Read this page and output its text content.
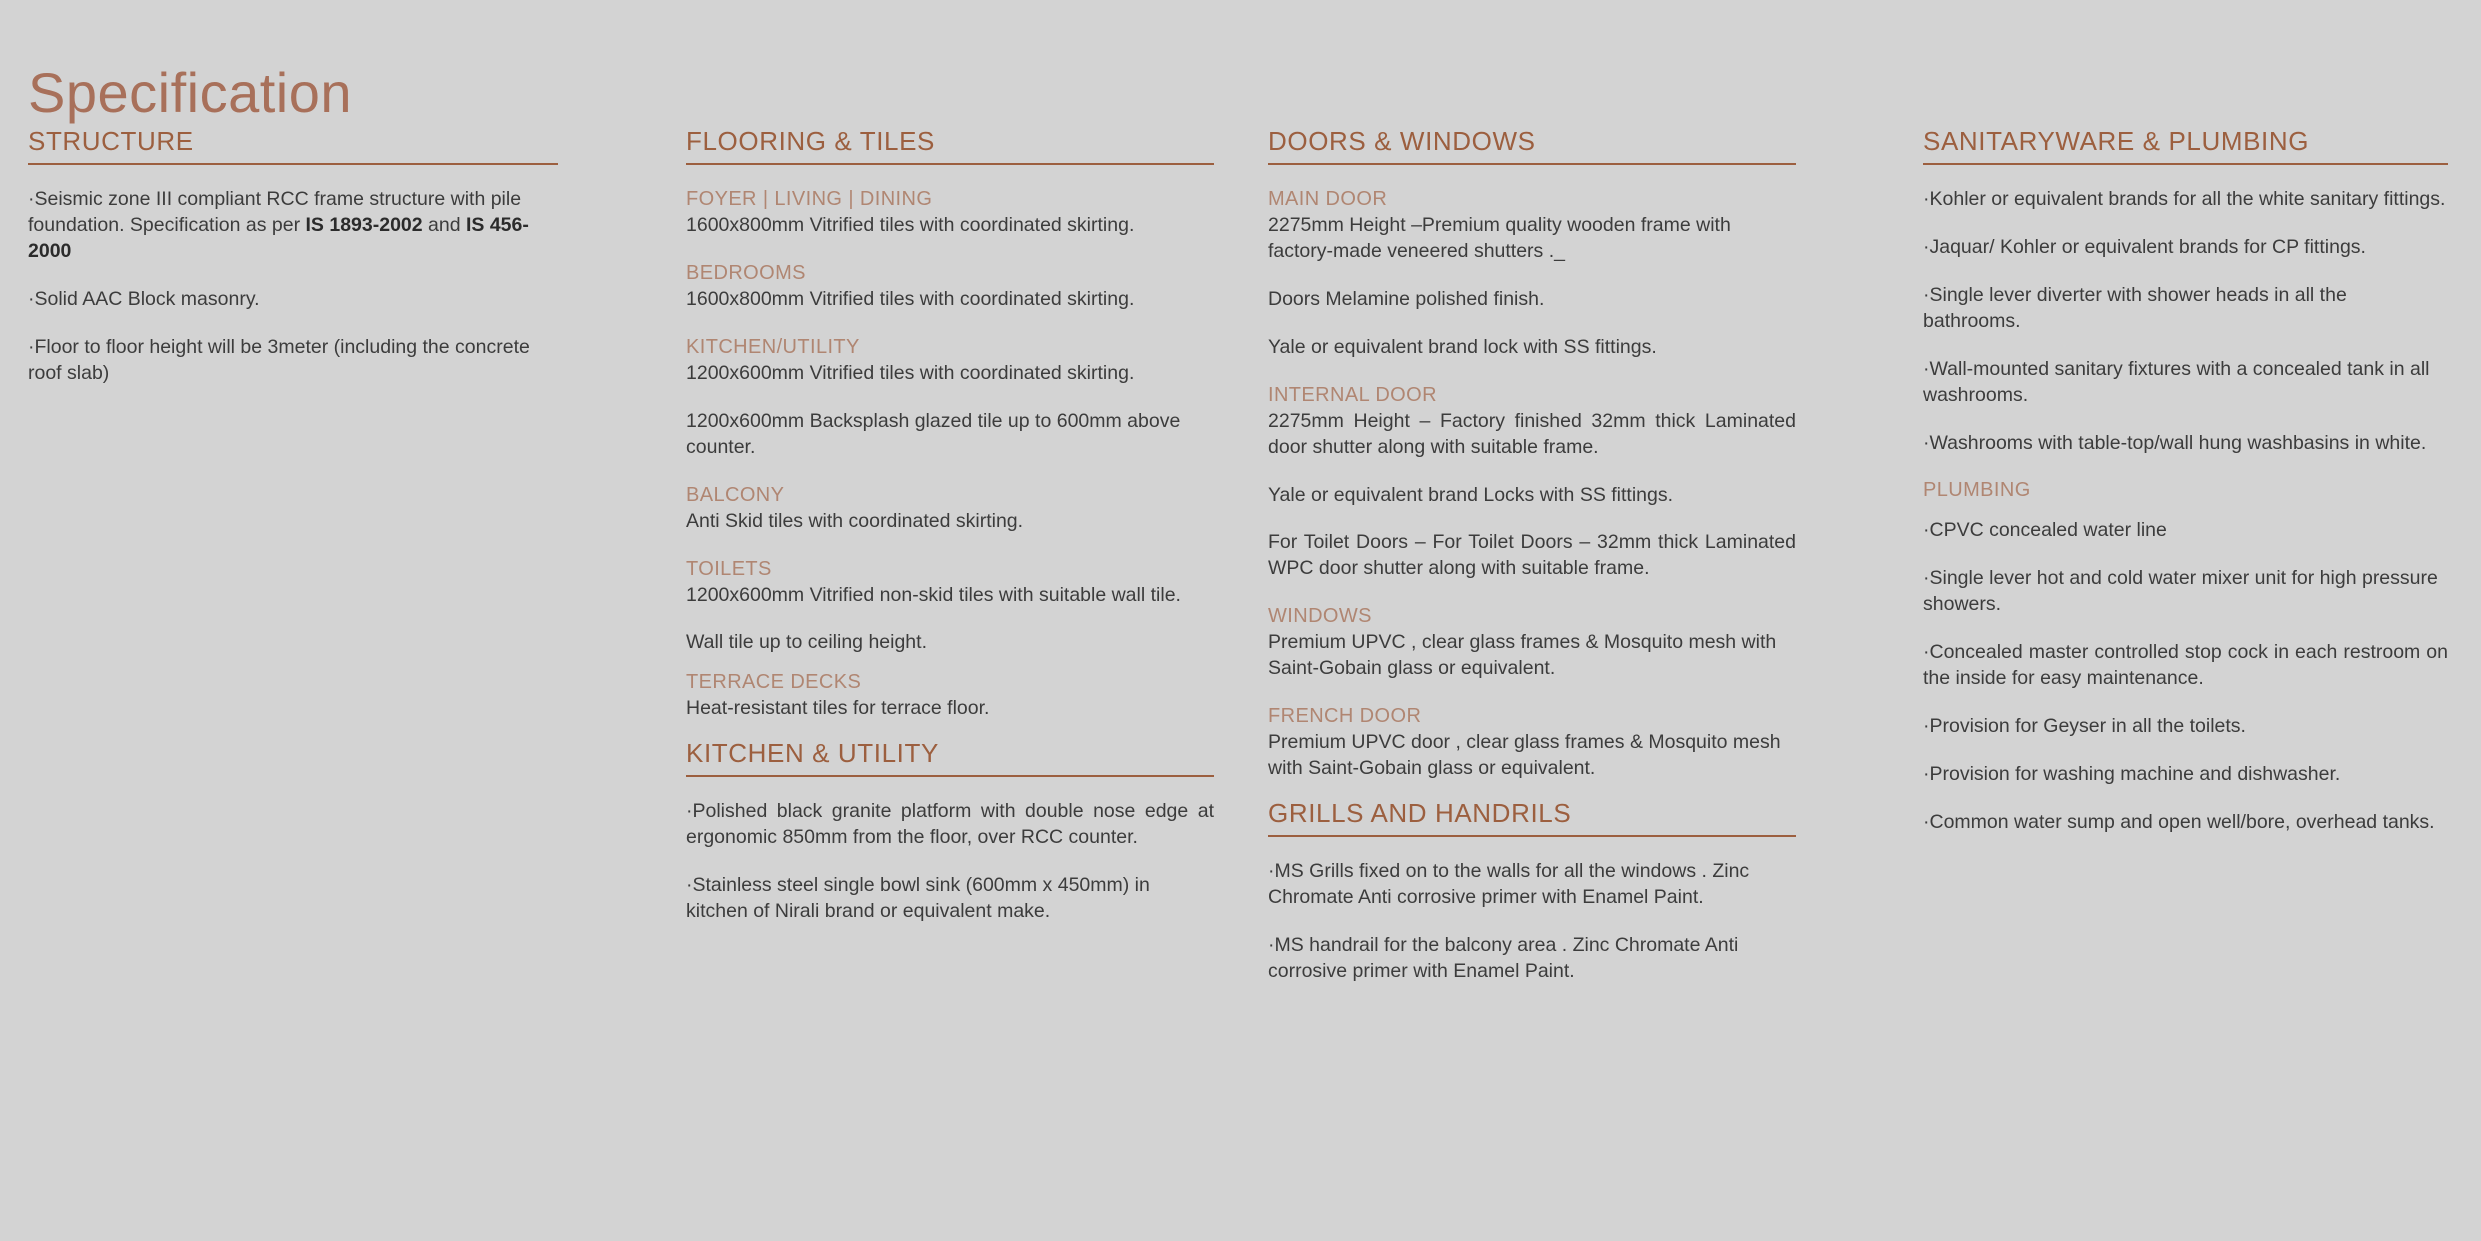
Specification
STRUCTURE

·Seismic zone III compliant RCC frame structure with pile foundation. Specification as per IS 1893-2002 and IS 456-2000

·Solid AAC Block masonry.

·Floor to floor height will be 3meter (including the concrete roof slab)

FLOORING & TILES

FOYER | LIVING | DINING

1600x800mm Vitrified tiles with coordinated skirting.

BEDROOMS

1600x800mm Vitrified tiles with coordinated skirting.

KITCHEN/UTILITY

1200x600mm Vitrified tiles with coordinated skirting.

1200x600mm Backsplash glazed tile up to 600mm above counter.

BALCONY

Anti Skid tiles with coordinated skirting.

TOILETS

1200x600mm Vitrified non-skid tiles with suitable wall tile.

Wall tile up to ceiling height.

TERRACE DECKS

Heat-resistant tiles for terrace floor.

KITCHEN & UTILITY

·Polished black granite platform with double nose edge at ergonomic 850mm from the floor, over RCC counter.

·Stainless steel single bowl sink (600mm x 450mm) in kitchen of Nirali brand or equivalent make.

DOORS & WINDOWS

MAIN DOOR

2275mm Height –Premium quality wooden frame with factory-made veneered shutters ._

Doors Melamine polished finish.

Yale or equivalent brand lock with SS fittings.

INTERNAL DOOR

2275mm Height – Factory finished 32mm thick Laminated door shutter along with suitable frame.

Yale or equivalent brand Locks with SS fittings.

For Toilet Doors – For Toilet Doors – 32mm thick Laminated WPC door shutter along with suitable frame.

WINDOWS

Premium UPVC , clear glass frames & Mosquito mesh with Saint-Gobain glass or equivalent.

FRENCH DOOR

Premium UPVC door , clear glass frames & Mosquito mesh with Saint-Gobain glass or equivalent.

GRILLS AND HANDRILS

·MS Grills fixed on to the walls for all the windows . Zinc Chromate Anti corrosive primer with Enamel Paint.

·MS handrail for the balcony area . Zinc Chromate Anti corrosive primer with Enamel Paint.

SANITARYWARE & PLUMBING

·Kohler or equivalent brands for all the white sanitary fittings.

·Jaquar/ Kohler or equivalent brands for CP fittings.

·Single lever diverter with shower heads in all the bathrooms.

·Wall-mounted sanitary fixtures with a concealed tank in all washrooms.

·Washrooms with table-top/wall hung washbasins in white.

PLUMBING

·CPVC concealed water line

·Single lever hot and cold water mixer unit for high pressure showers.

·Concealed master controlled stop cock in each restroom on the inside for easy maintenance.

·Provision for Geyser in all the toilets.

·Provision for washing machine and dishwasher.

·Common water sump and open well/bore, overhead tanks.
